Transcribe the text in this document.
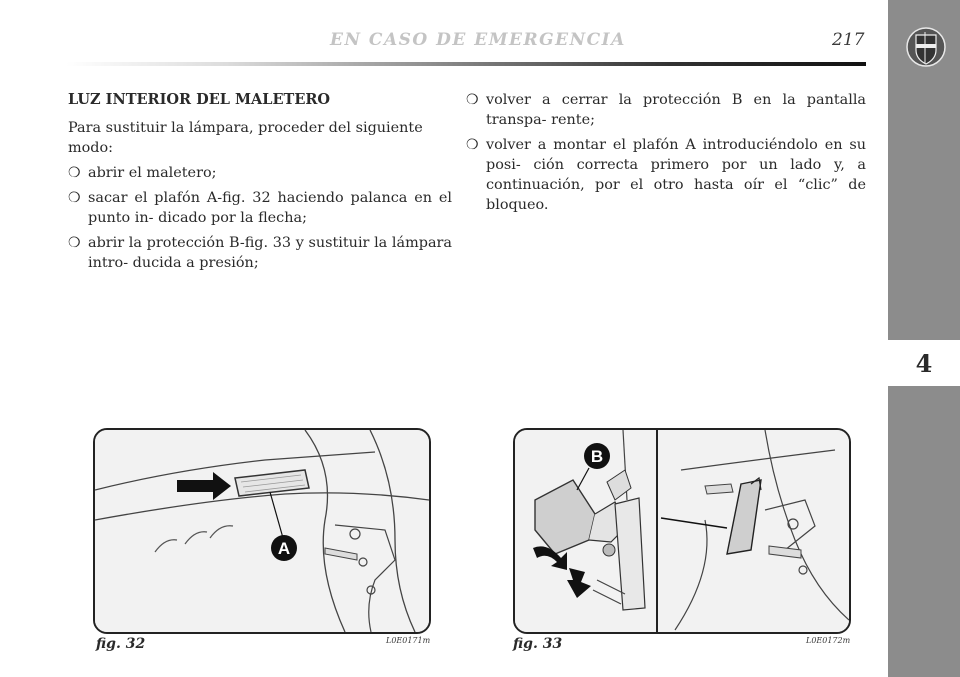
EN CASO DE EMERGENCIA	217
4
LUZ INTERIOR DEL MALETERO
Para sustituir la lámpara, proceder del siguiente modo:
❍ abrir el maletero;
❍ sacar el plafón A-fig. 32 haciendo palanca en el punto in- dicado por la flecha;
❍ abrir la protección B-fig. 33 y sustituir la lámpara intro- ducida a presión;
❍ volver a cerrar la protección B en la pantalla transpa- rente;
❍ volver a montar el plafón A introduciéndolo en su posi- ción correcta primero por un lado y, a continuación, por el otro hasta oír el “clic” de bloqueo.
A
fig. 32	L0E0171m
B
fig. 33	L0E0172m
